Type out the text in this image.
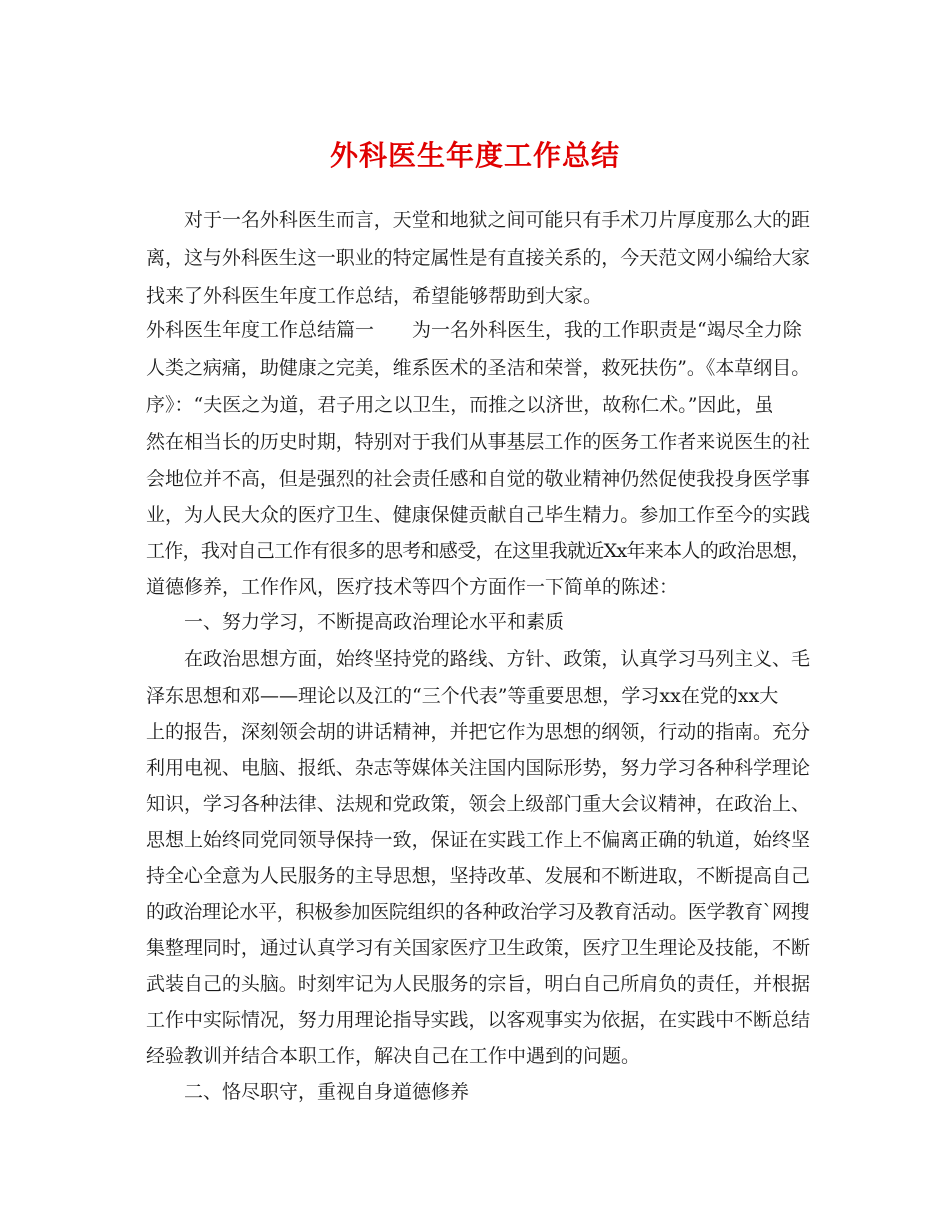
外科医生年度工作总结
对于一名外科医生而言，天堂和地狱之间可能只有手术刀片厚度那么大的距
离，这与外科医生这一职业的特定属性是有直接关系的，今天范文网小编给大家
找来了外科医生年度工作总结，希望能够帮助到大家。
外科医生年度工作总结篇一　　为一名外科医生，我的工作职责是“竭尽全力除
人类之病痛，助健康之完美，维系医术的圣洁和荣誉，救死扶伤”。《本草纲目。
序》：“夫医之为道，君子用之以卫生，而推之以济世，故称仁术。”因此，虽
然在相当长的历史时期，特别对于我们从事基层工作的医务工作者来说医生的社
会地位并不高，但是强烈的社会责任感和自觉的敬业精神仍然促使我投身医学事
业，为人民大众的医疗卫生、健康保健贡献自己毕生精力。参加工作至今的实践
工作，我对自己工作有很多的思考和感受，在这里我就近Xx年来本人的政治思想，
道德修养，工作作风，医疗技术等四个方面作一下简单的陈述：
一、努力学习，不断提高政治理论水平和素质
在政治思想方面，始终坚持党的路线、方针、政策，认真学习马列主义、毛
泽东思想和邓——理论以及江的“三个代表”等重要思想，学习xx在党的xx大
上的报告，深刻领会胡的讲话精神，并把它作为思想的纲领，行动的指南。充分
利用电视、电脑、报纸、杂志等媒体关注国内国际形势，努力学习各种科学理论
知识，学习各种法律、法规和党政策，领会上级部门重大会议精神，在政治上、
思想上始终同党同领导保持一致，保证在实践工作上不偏离正确的轨道，始终坚
持全心全意为人民服务的主导思想，坚持改革、发展和不断进取，不断提高自己
的政治理论水平，积极参加医院组织的各种政治学习及教育活动。医学教育`网搜
集整理同时，通过认真学习有关国家医疗卫生政策，医疗卫生理论及技能，不断
武装自己的头脑。时刻牢记为人民服务的宗旨，明白自己所肩负的责任，并根据
工作中实际情况，努力用理论指导实践，以客观事实为依据，在实践中不断总结
经验教训并结合本职工作，解决自己在工作中遇到的问题。
二、恪尽职守，重视自身道德修养
